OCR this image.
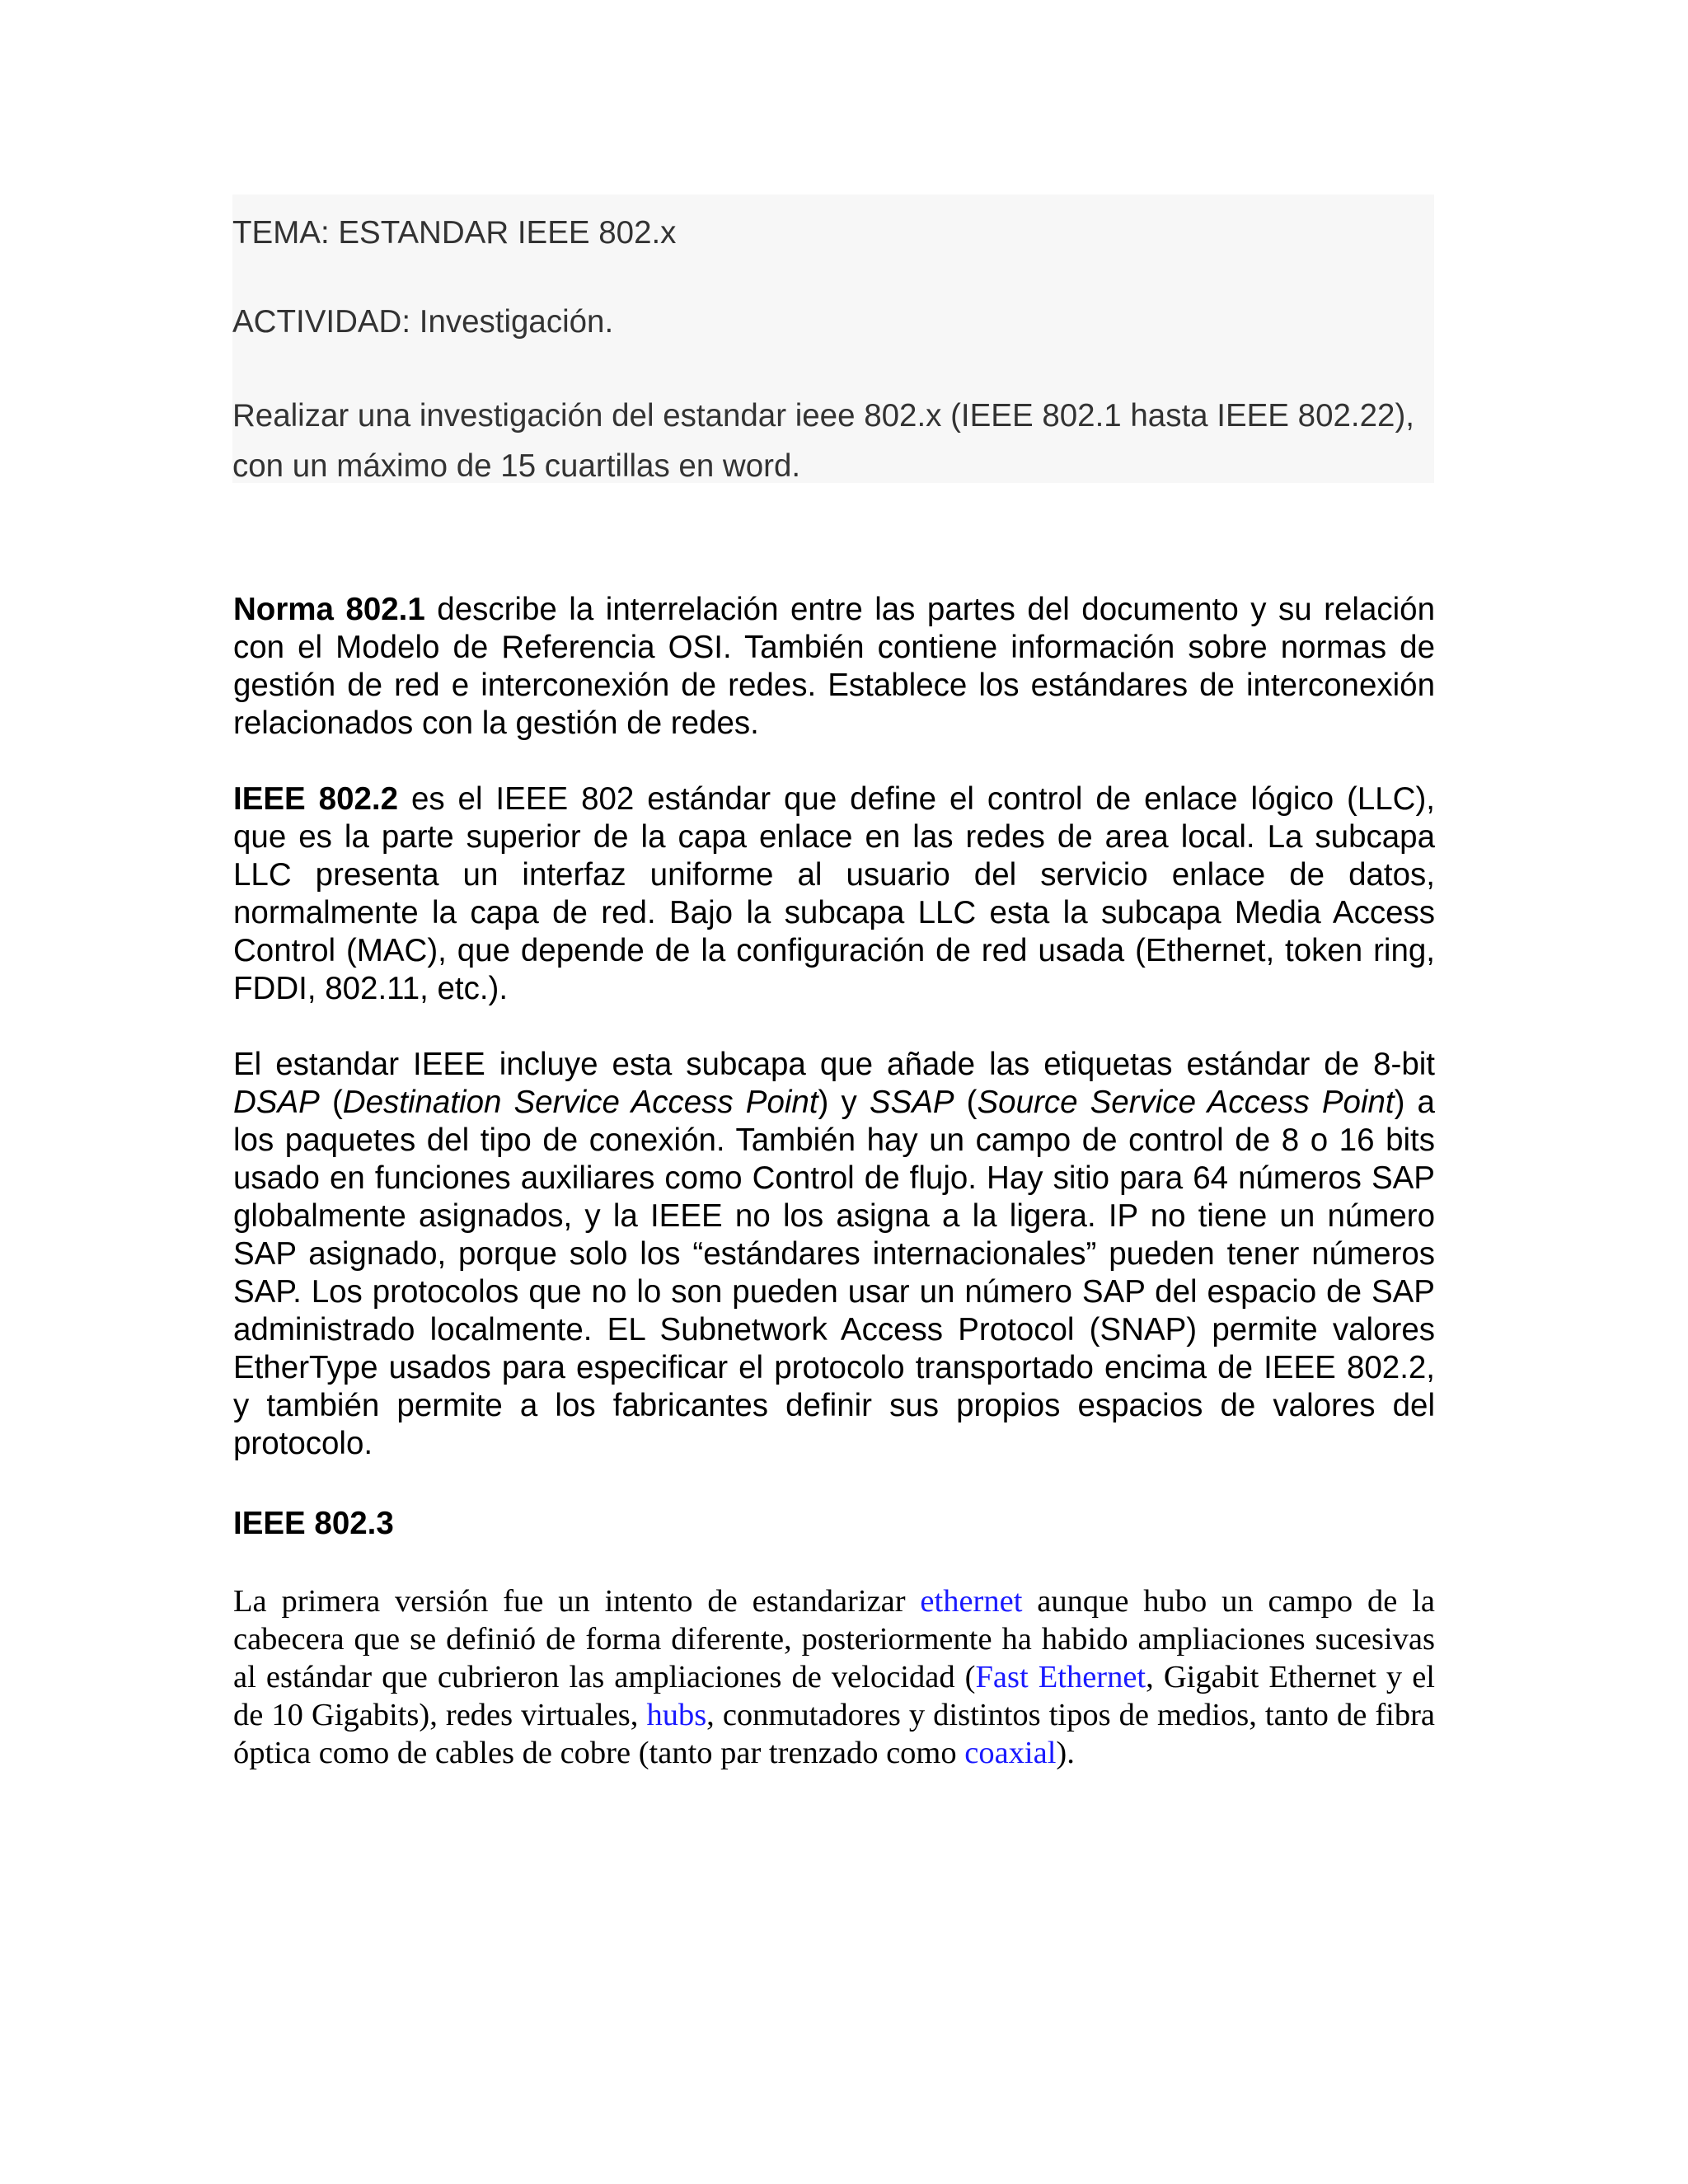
TEMA: ESTANDAR IEEE 802.x
ACTIVIDAD: Investigación.
Realizar una investigación del estandar ieee 802.x (IEEE 802.1 hasta IEEE 802.22), con un máximo de 15 cuartillas en word.

Norma 802.1 describe la interrelación entre las partes del documento y su relación con el Modelo de Referencia OSI. También contiene información sobre normas de gestión de red e interconexión de redes. Establece los estándares de interconexión relacionados con la gestión de redes.

IEEE 802.2 es el IEEE 802 estándar que define el control de enlace lógico (LLC), que es la parte superior de la capa enlace en las redes de area local. La subcapa LLC presenta un interfaz uniforme al usuario del servicio enlace de datos, normalmente la capa de red. Bajo la subcapa LLC esta la subcapa Media Access Control (MAC), que depende de la configuración de red usada (Ethernet, token ring, FDDI, 802.11, etc.).

El estandar IEEE incluye esta subcapa que añade las etiquetas estándar de 8-bit DSAP (Destination Service Access Point) y SSAP (Source Service Access Point) a los paquetes del tipo de conexión. También hay un campo de control de 8 o 16 bits usado en funciones auxiliares como Control de flujo. Hay sitio para 64 números SAP globalmente asignados, y la IEEE no los asigna a la ligera. IP no tiene un número SAP asignado, porque solo los “estándares internacionales” pueden tener números SAP. Los protocolos que no lo son pueden usar un número SAP del espacio de SAP administrado localmente. EL Subnetwork Access Protocol (SNAP) permite valores EtherType usados para especificar el protocolo transportado encima de IEEE 802.2, y también permite a los fabricantes definir sus propios espacios de valores del protocolo.

IEEE 802.3

La primera versión fue un intento de estandarizar ethernet aunque hubo un campo de la cabecera que se definió de forma diferente, posteriormente ha habido ampliaciones sucesivas al estándar que cubrieron las ampliaciones de velocidad (Fast Ethernet, Gigabit Ethernet y el de 10 Gigabits), redes virtuales, hubs, conmutadores y distintos tipos de medios, tanto de fibra óptica como de cables de cobre (tanto par trenzado como coaxial).
